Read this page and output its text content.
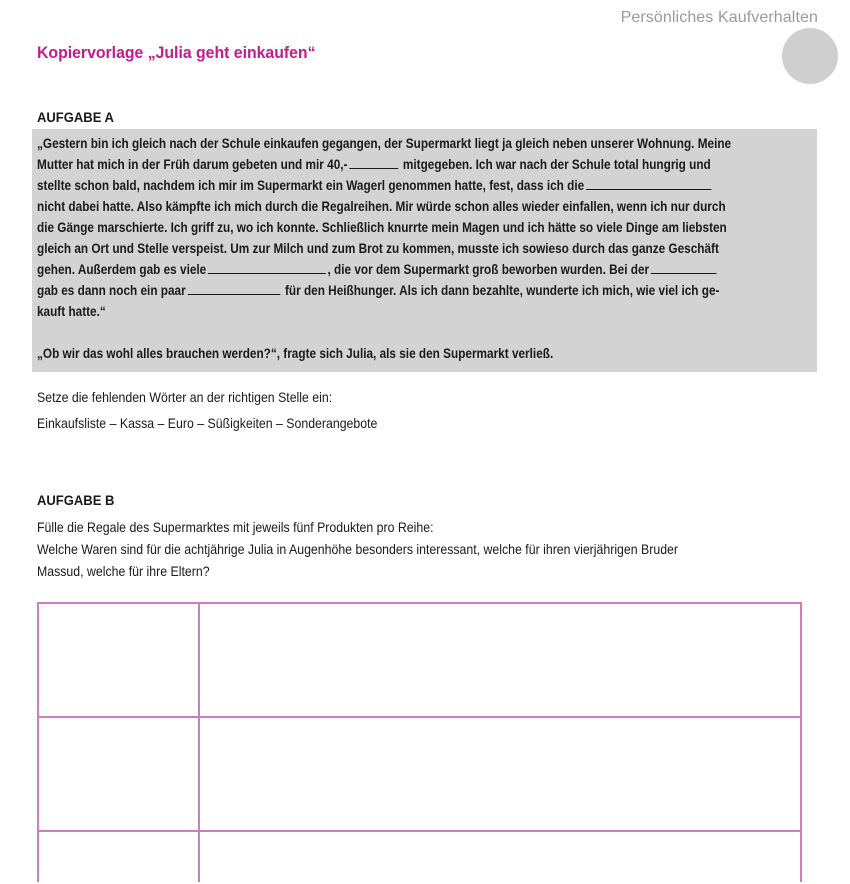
Persönliches Kaufverhalten
Kopiervorlage „Julia geht einkaufen“
AUFGABE A
„Gestern bin ich gleich nach der Schule einkaufen gegangen, der Supermarkt liegt ja gleich neben unserer Wohnung. Meine
Mutter hat mich in der Früh darum gebeten und mir 40,-	mitgegeben. Ich war nach der Schule total hungrig und
stellte schon bald, nachdem ich mir im Supermarkt ein Wagerl genommen hatte, fest, dass ich die
nicht dabei hatte. Also kämpfte ich mich durch die Regalreihen. Mir würde schon alles wieder einfallen, wenn ich nur durch
die Gänge marschierte. Ich griff zu, wo ich konnte. Schließlich knurrte mein Magen und ich hätte so viele Dinge am liebsten
gleich an Ort und Stelle verspeist. Um zur Milch und zum Brot zu kommen, musste ich sowieso durch das ganze Geschäft
gehen. Außerdem gab es viele	, die vor dem Supermarkt groß beworben wurden. Bei der
gab es dann noch ein paar	für den Heißhunger. Als ich dann bezahlte, wunderte ich mich, wie viel ich ge-
kauft hatte.“
„Ob wir das wohl alles brauchen werden?“, fragte sich Julia, als sie den Supermarkt verließ.
Setze die fehlenden Wörter an der richtigen Stelle ein:
Einkaufsliste – Kassa – Euro – Süßigkeiten – Sonderangebote
AUFGABE B
Fülle die Regale des Supermarktes mit jeweils fünf Produkten pro Reihe:
Welche Waren sind für die achtjährige Julia in Augenhöhe besonders interessant, welche für ihren vierjährigen Bruder
Massud, welche für ihre Eltern?
